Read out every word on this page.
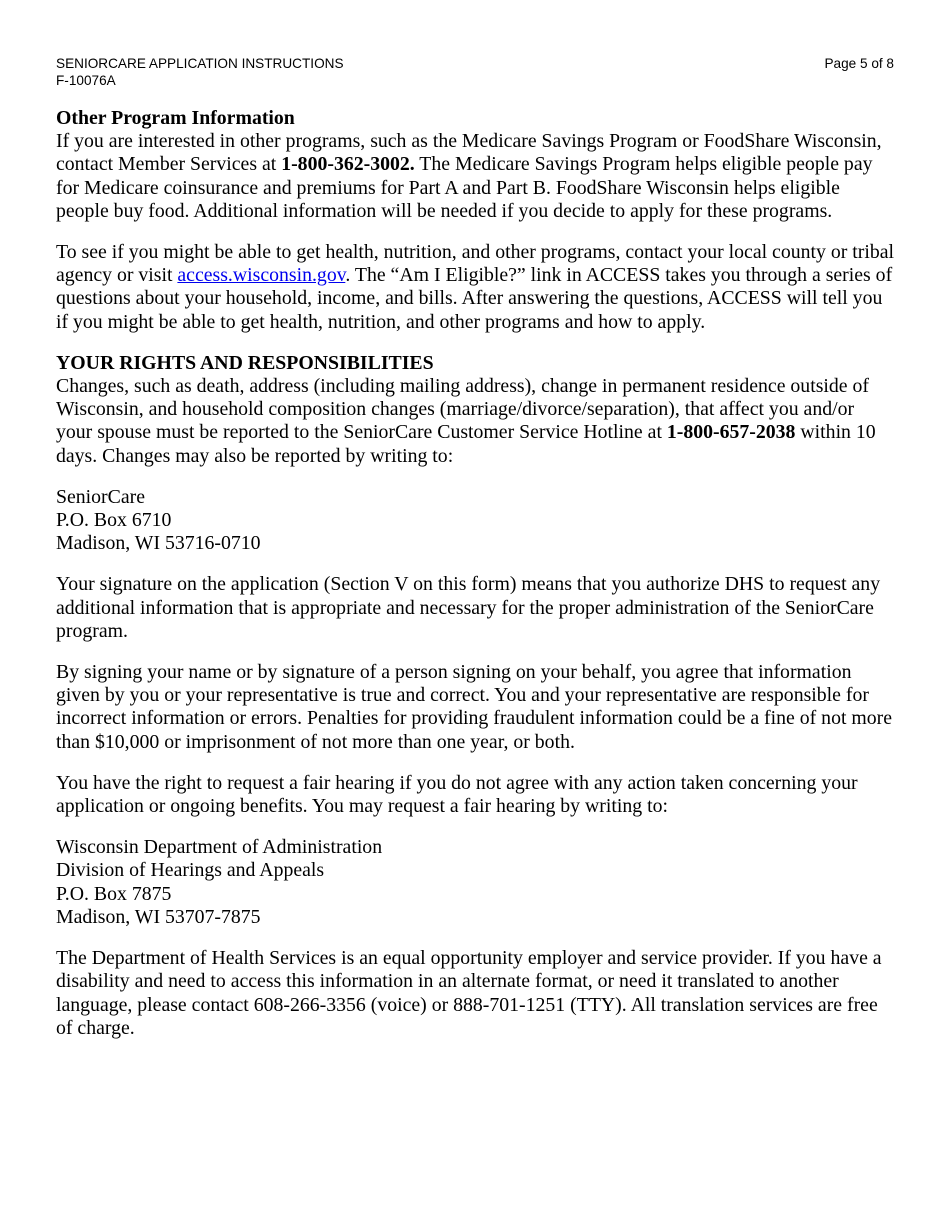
SENIORCARE APPLICATION INSTRUCTIONS
F-10076A
Page 5 of 8
Other Program Information

If you are interested in other programs, such as the Medicare Savings Program or FoodShare Wisconsin, contact Member Services at 1-800-362-3002. The Medicare Savings Program helps eligible people pay for Medicare coinsurance and premiums for Part A and Part B. FoodShare Wisconsin helps eligible people buy food. Additional information will be needed if you decide to apply for these programs.

To see if you might be able to get health, nutrition, and other programs, contact your local county or tribal agency or visit access.wisconsin.gov. The “Am I Eligible?” link in ACCESS takes you through a series of questions about your household, income, and bills. After answering the questions, ACCESS will tell you if you might be able to get health, nutrition, and other programs and how to apply.

YOUR RIGHTS AND RESPONSIBILITIES

Changes, such as death, address (including mailing address), change in permanent residence outside of Wisconsin, and household composition changes (marriage/divorce/separation), that affect you and/or your spouse must be reported to the SeniorCare Customer Service Hotline at 1-800-657-2038 within 10 days. Changes may also be reported by writing to:

SeniorCare
P.O. Box 6710
Madison, WI 53716-0710

Your signature on the application (Section V on this form) means that you authorize DHS to request any additional information that is appropriate and necessary for the proper administration of the SeniorCare program.

By signing your name or by signature of a person signing on your behalf, you agree that information given by you or your representative is true and correct. You and your representative are responsible for incorrect information or errors. Penalties for providing fraudulent information could be a fine of not more than $10,000 or imprisonment of not more than one year, or both.

You have the right to request a fair hearing if you do not agree with any action taken concerning your application or ongoing benefits. You may request a fair hearing by writing to:

Wisconsin Department of Administration
Division of Hearings and Appeals
P.O. Box 7875
Madison, WI 53707-7875

The Department of Health Services is an equal opportunity employer and service provider. If you have a disability and need to access this information in an alternate format, or need it translated to another language, please contact 608-266-3356 (voice) or 888-701-1251 (TTY). All translation services are free of charge.
